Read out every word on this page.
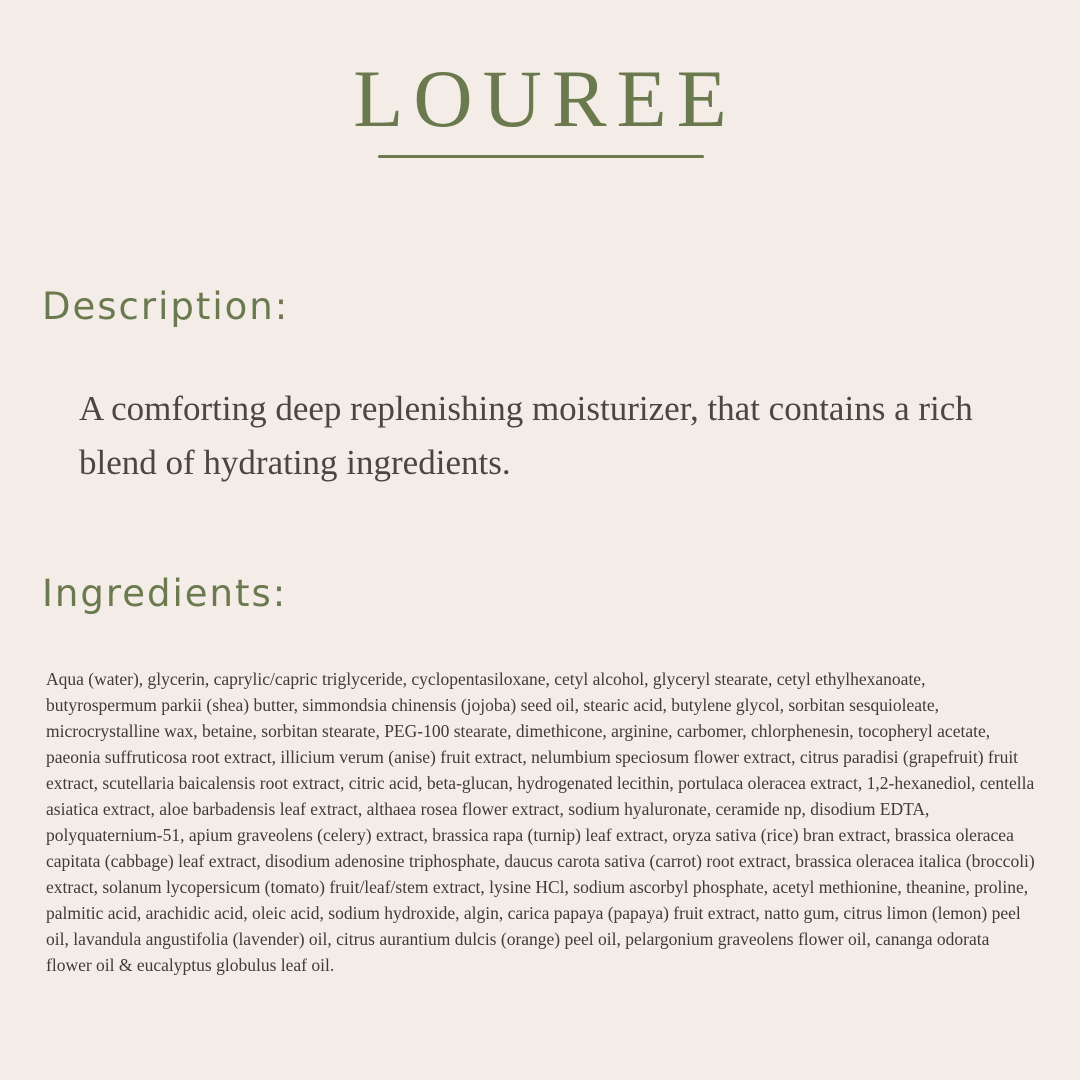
LOUREE
Description:
A comforting deep replenishing moisturizer, that contains a rich blend of hydrating ingredients.
Ingredients:
Aqua (water), glycerin, caprylic/capric triglyceride, cyclopentasiloxane, cetyl alcohol, glyceryl stearate, cetyl ethylhexanoate, butyrospermum parkii (shea) butter, simmondsia chinensis (jojoba) seed oil, stearic acid, butylene glycol, sorbitan sesquioleate, microcrystalline wax, betaine, sorbitan stearate, PEG-100 stearate, dimethicone, arginine, carbomer, chlorphenesin, tocopheryl acetate, paeonia suffruticosa root extract, illicium verum (anise) fruit extract, nelumbium speciosum flower extract, citrus paradisi (grapefruit) fruit extract, scutellaria baicalensis root extract, citric acid, beta-glucan, hydrogenated lecithin, portulaca oleracea extract, 1,2-hexanediol, centella asiatica extract, aloe barbadensis leaf extract, althaea rosea flower extract, sodium hyaluronate, ceramide np, disodium EDTA, polyquaternium-51, apium graveolens (celery) extract, brassica rapa (turnip) leaf extract, oryza sativa (rice) bran extract, brassica oleracea capitata (cabbage) leaf extract, disodium adenosine triphosphate, daucus carota sativa (carrot) root extract, brassica oleracea italica (broccoli) extract, solanum lycopersicum (tomato) fruit/leaf/stem extract, lysine HCl, sodium ascorbyl phosphate, acetyl methionine, theanine, proline, palmitic acid, arachidic acid, oleic acid, sodium hydroxide, algin, carica papaya (papaya) fruit extract, natto gum, citrus limon (lemon) peel oil, lavandula angustifolia (lavender) oil, citrus aurantium dulcis (orange) peel oil, pelargonium graveolens flower oil, cananga odorata flower oil & eucalyptus globulus leaf oil.
